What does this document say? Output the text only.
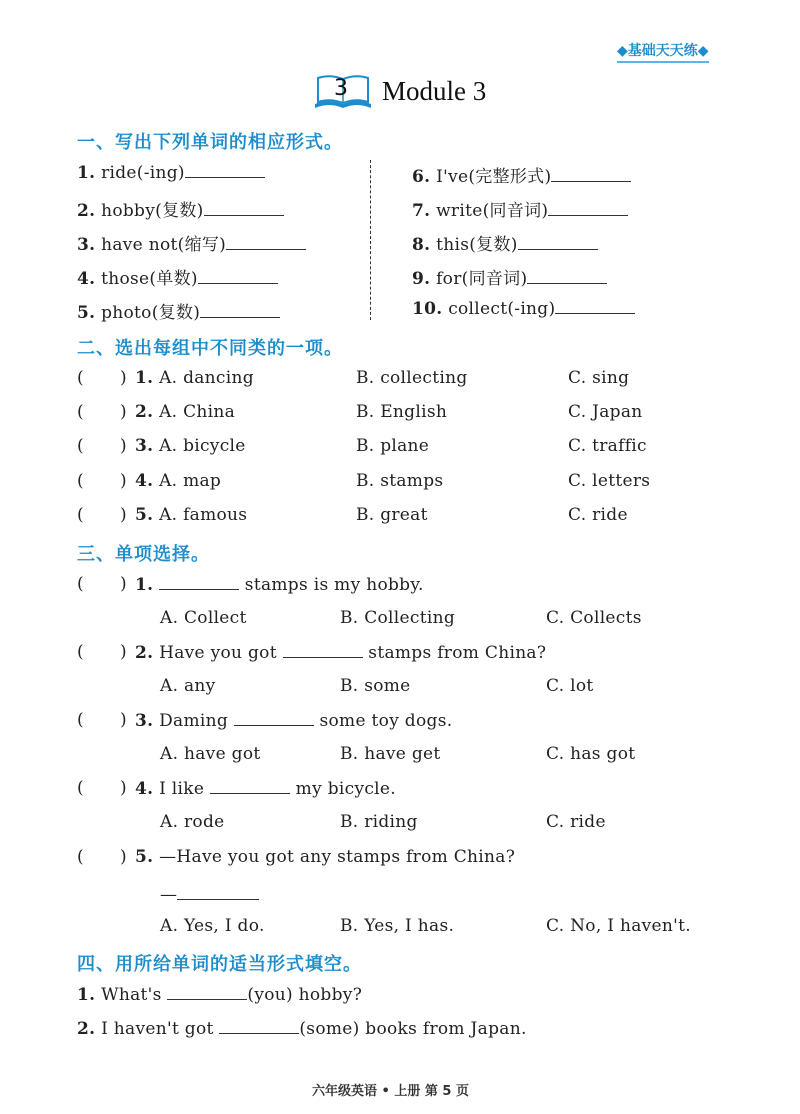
◆基础天天练◆
3 Module 3
一、写出下列单词的相应形式。
1. ride(-ing)
2. hobby(复数)
3. have not(缩写)
4. those(单数)
5. photo(复数)
6. I've(完整形式)
7. write(同音词)
8. this(复数)
9. for(同音词)
10. collect(-ing)
二、选出每组中不同类的一项。
( ) 1. A. dancing	B. collecting	C. sing
( ) 2. A. China	B. English	C. Japan
( ) 3. A. bicycle	B. plane	C. traffic
( ) 4. A. map	B. stamps	C. letters
( ) 5. A. famous	B. great	C. ride
三、单项选择。
( ) 1.	stamps is my hobby.
A. Collect	B. Collecting	C. Collects
( ) 2. Have you got	stamps from China?
A. any	B. some	C. lot
( ) 3. Daming	some toy dogs.
A. have got	B. have get	C. has got
( ) 4. I like	my bicycle.
A. rode	B. riding	C. ride
( ) 5. —Have you got any stamps from China?
—
A. Yes, I do.	B. Yes, I has.	C. No, I haven't.
四、用所给单词的适当形式填空。
1. What's	(you) hobby?
2. I haven't got	(some) books from Japan.
六年级英语 • 上册 第 5 页
